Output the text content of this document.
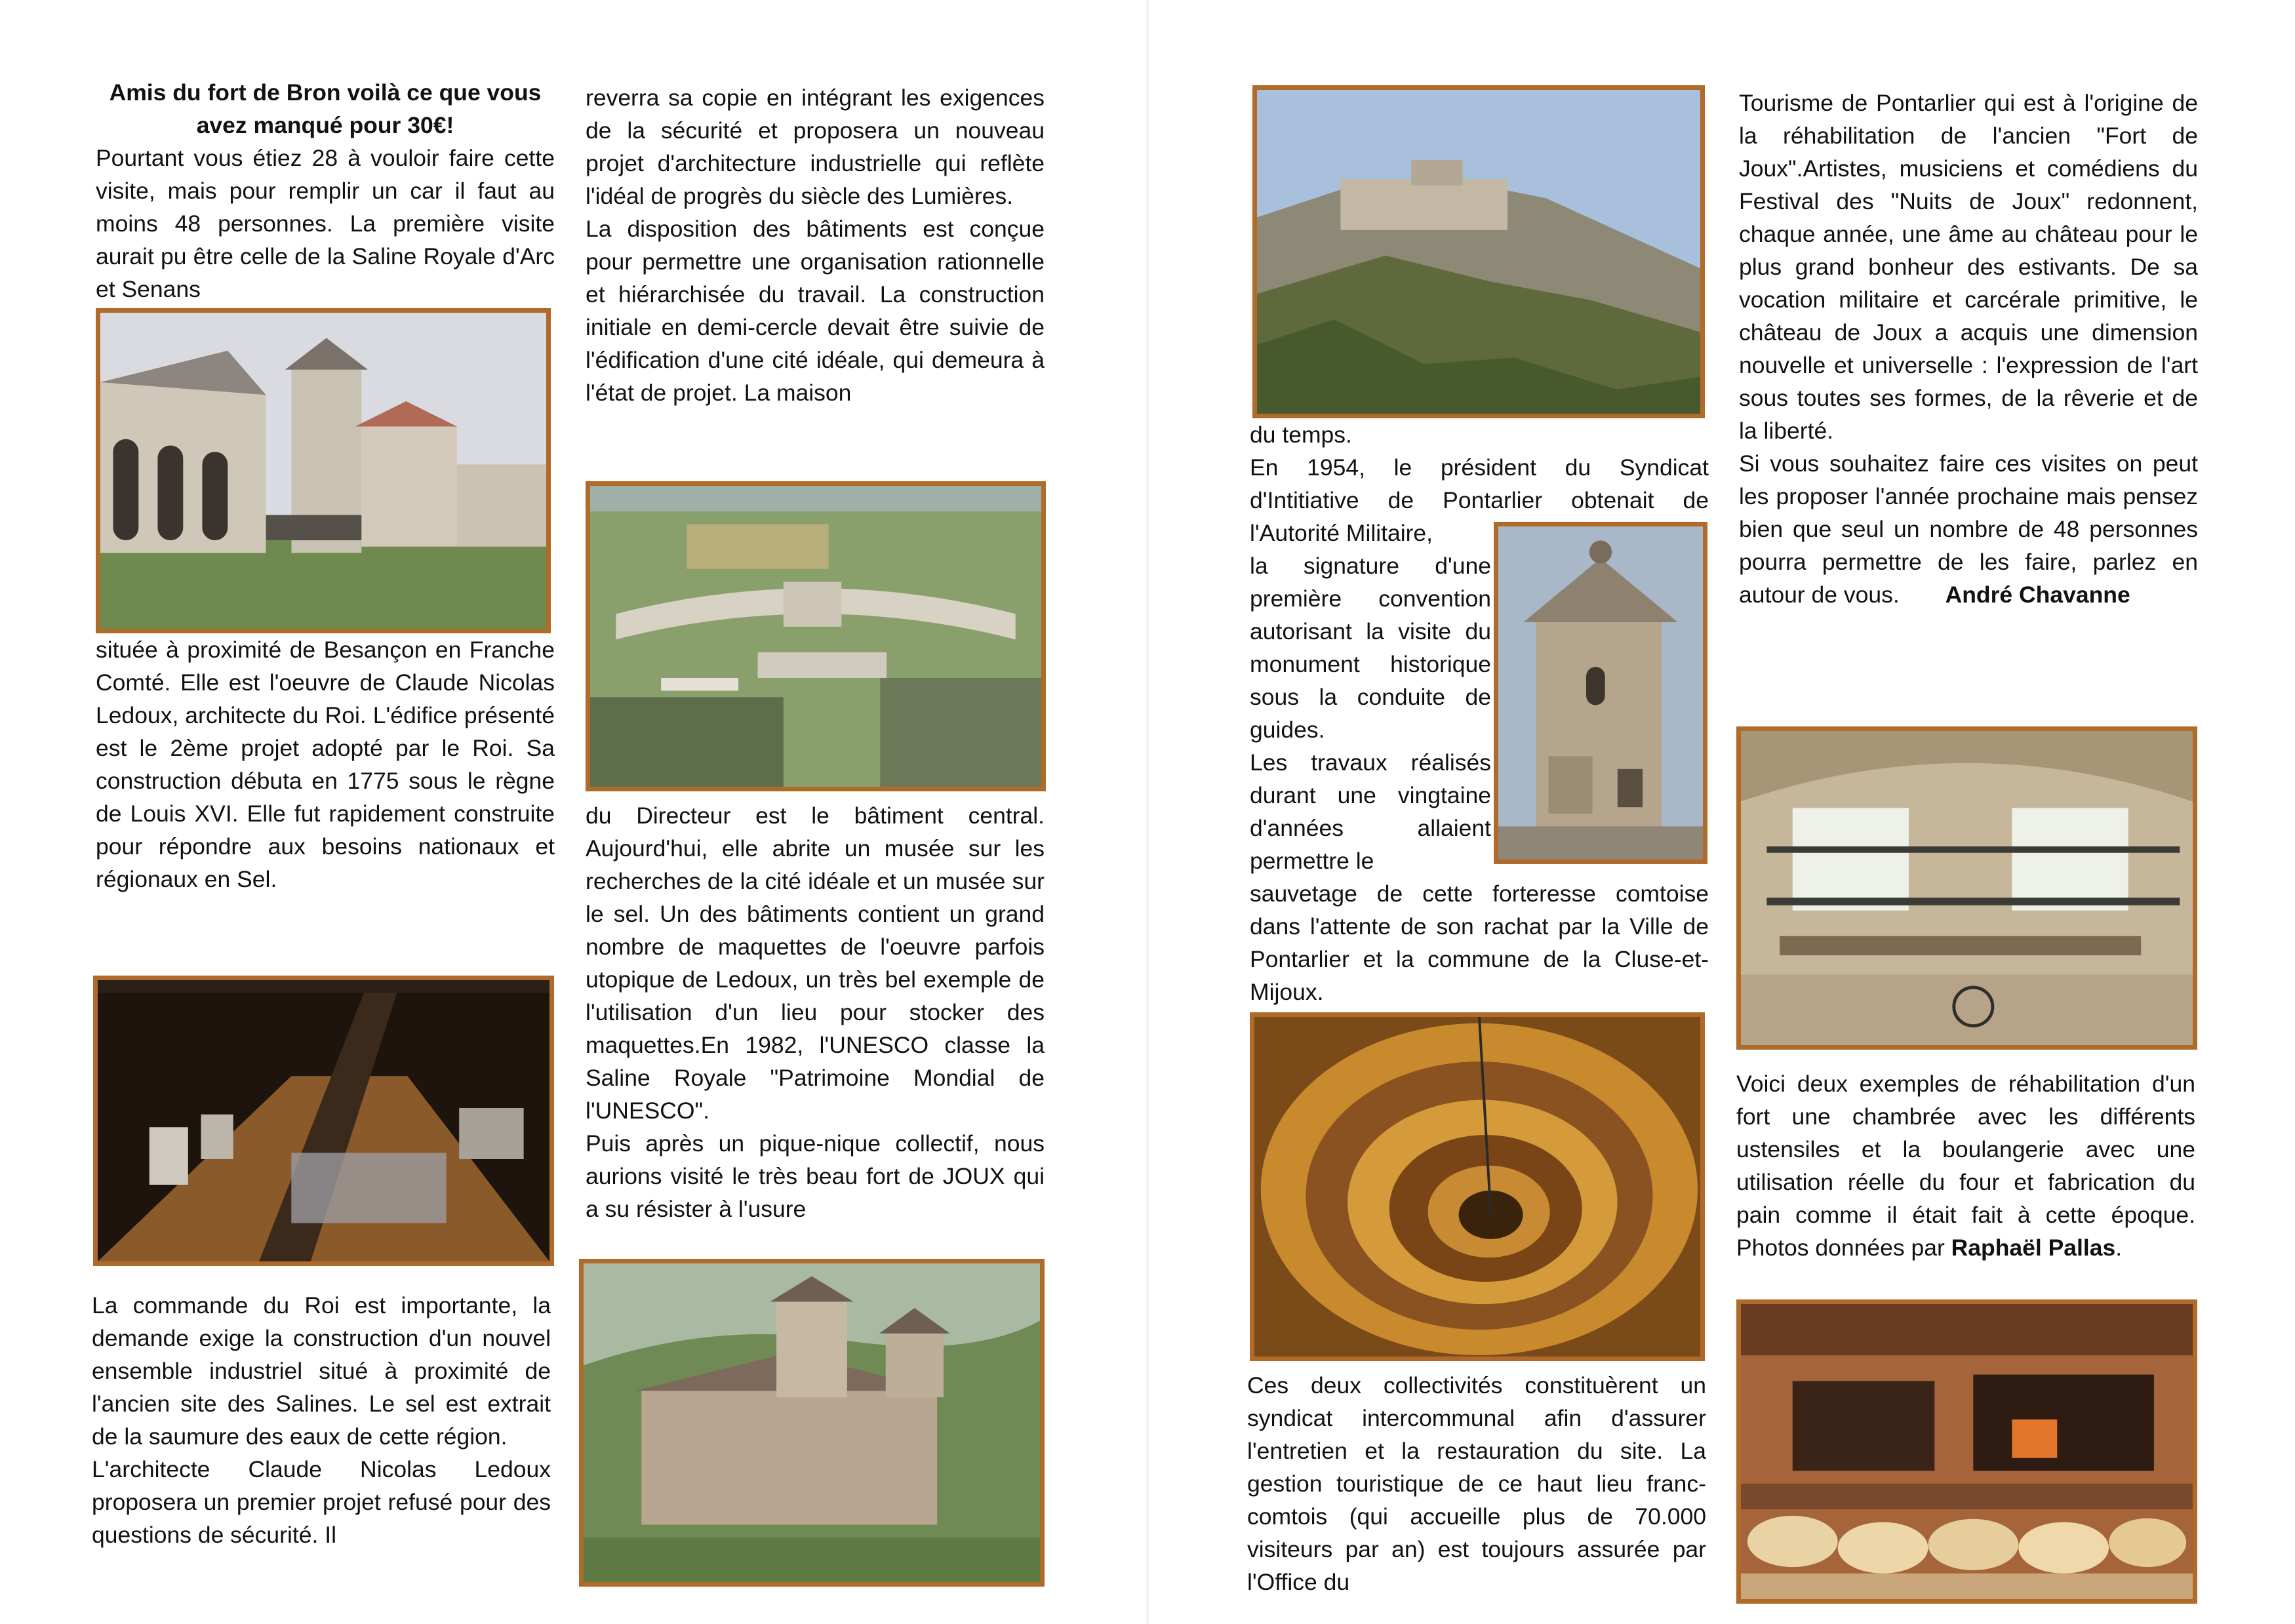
Amis du fort de Bron voilà ce que vous avez manqué pour 30€!

Pourtant vous étiez 28 à vouloir faire cette visite, mais pour remplir un car il faut au moins 48 personnes. La première visite aurait pu être celle de la Saline Royale d'Arc et Senans

située à proximité de Besançon en Franche Comté. Elle est l'oeuvre de Claude Nicolas Ledoux, architecte du Roi. L'édifice présenté est le 2ème projet adopté par le Roi. Sa construction débuta en 1775 sous le règne de Louis XVI. Elle fut rapidement construite pour répondre aux besoins nationaux et régionaux en Sel.

La commande du Roi est importante, la demande exige la construction d'un nouvel ensemble industriel situé à proximité de l'ancien site des Salines. Le sel est extrait de la saumure des eaux de cette région.

L'architecte Claude Nicolas Ledoux proposera un premier projet refusé pour des questions de sécurité. Il

reverra sa copie en intégrant les exigences de la sécurité et proposera un nouveau projet d'architecture industrielle qui reflète l'idéal de progrès du siècle des Lumières.

La disposition des bâtiments est conçue pour permettre une organisation rationnelle et hiérarchisée du travail. La construction initiale en demi-cercle devait être suivie de l'édification d'une cité idéale, qui demeura à l'état de projet. La maison

du Directeur est le bâtiment central. Aujourd'hui, elle abrite un musée sur les recherches de la cité idéale et un musée sur le sel. Un des bâtiments contient un grand nombre de maquettes de l'oeuvre parfois utopique de Ledoux, un très bel exemple de l'utilisation d'un lieu pour stocker des maquettes.En 1982, l'UNESCO classe la Saline Royale "Patrimoine Mondial de l'UNESCO".

Puis après un pique-nique collectif, nous aurions visité le très beau fort de JOUX qui a su résister à l'usure

du temps.

En 1954, le président du Syndicat d'Intitiative de Pontarlier obtenait de l'Autorité Militaire,

la signature d'une première convention autorisant la visite du monument historique sous la conduite de guides.

Les travaux réalisés durant une vingtaine d'années allaient permettre le

sauvetage de cette forteresse comtoise dans l'attente de son rachat par la Ville de Pontarlier et la commune de la Cluse-et-Mijoux.

Ces deux collectivités constituèrent un syndicat intercommunal afin d'assurer l'entretien et la restauration du site. La gestion touristique de ce haut lieu franc-comtois (qui accueille plus de 70.000 visiteurs par an) est toujours assurée par l'Office du

Tourisme de Pontarlier qui est à l'origine de la réhabilitation de l'ancien "Fort de Joux".Artistes, musiciens et comédiens du Festival des "Nuits de Joux" redonnent, chaque année, une âme au château pour le plus grand bonheur des estivants. De sa vocation militaire et carcérale primitive, le château de Joux a acquis une dimension nouvelle et universelle : l'expression de l'art sous toutes ses formes, de la rêverie et de la liberté.

Si vous souhaitez faire ces visites on peut les proposer l'année prochaine mais pensez bien que seul un nombre de 48 personnes pourra permettre de les faire, parlez en autour de vous. André Chavanne

Voici deux exemples de réhabilitation d'un fort une chambrée avec les différents ustensiles et la boulangerie avec une utilisation réelle du four et fabrication du pain comme il était fait à cette époque. Photos données par Raphaël Pallas.
